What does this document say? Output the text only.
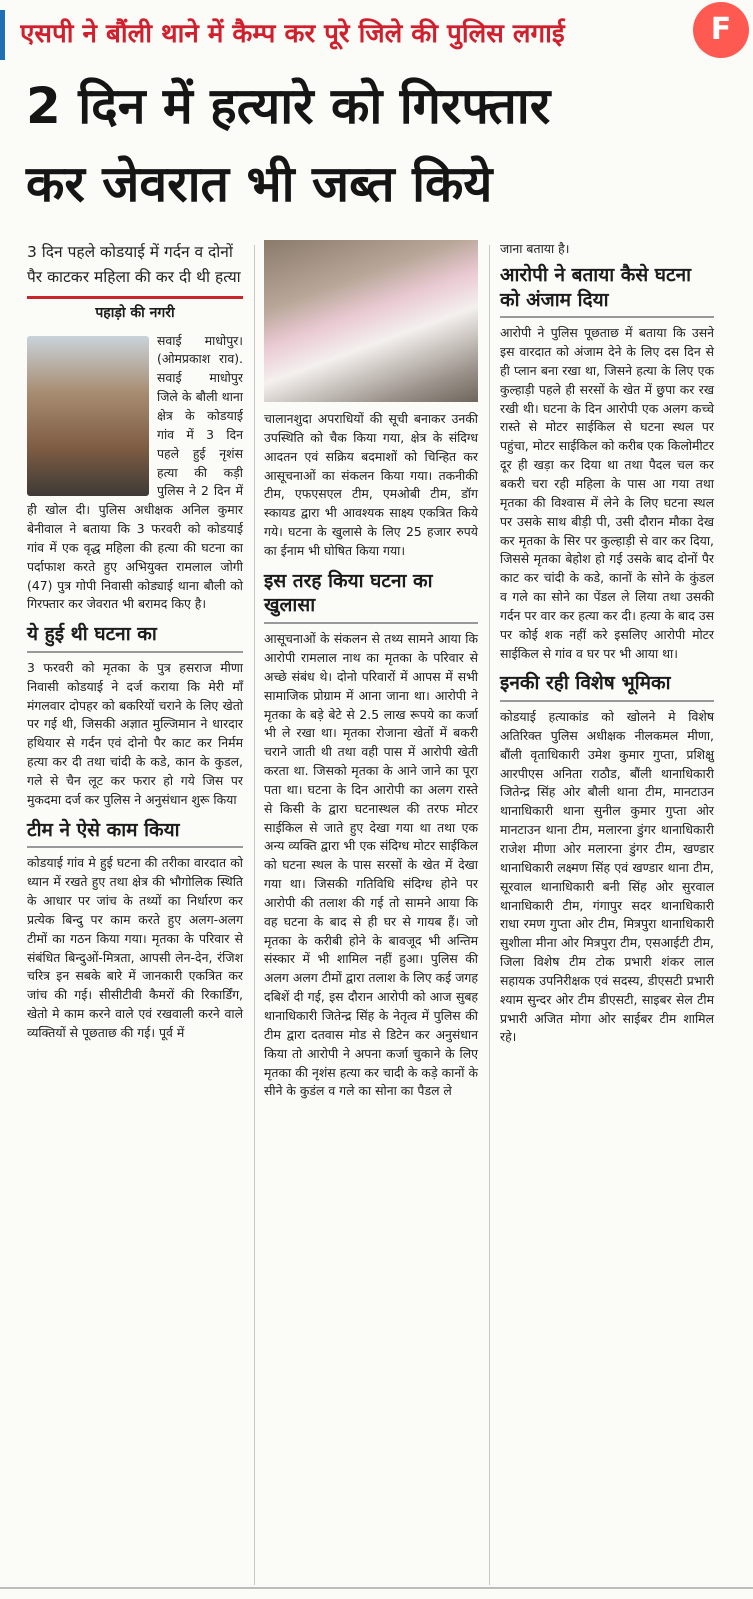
एसपी ने बौंली थाने में कैम्प कर पूरे जिले की पुलिस लगाई	F
2 दिन में हत्यारे को गिरफ्तार
कर जेवरात भी जब्त किये
3 दिन पहले कोडयाई में गर्दन व दोनों पैर काटकर महिला की कर दी थी हत्या
पहाड़ो की नगरी

सवाई माधोपुर। (ओमप्रकाश राव). सवाई माधोपुर जिले के बौली थाना क्षेत्र के कोडयाई गांव में 3 दिन पहले हुई नृशंस हत्या की कड़ी पुलिस ने 2 दिन में ही खोल दी। पुलिस अधीक्षक अनिल कुमार बेनीवाल ने बताया कि 3 फरवरी को कोडयाई गांव में एक वृद्ध महिला की हत्या की घटना का पर्दाफाश करते हुए अभियुक्त रामलाल जोगी (47) पुत्र गोपी निवासी कोड्याई थाना बौली को गिरफ्तार कर जेवरात भी बरामद किए है।

ये हुई थी घटना का

3 फरवरी को मृतका के पुत्र हसराज मीणा निवासी कोडयाई ने दर्ज कराया कि मेरी माँ मंगलवार दोपहर को बकरियों चराने के लिए खेतो पर गई थी, जिसकी अज्ञात मुल्जिमान ने धारदार हथियार से गर्दन एवं दोनो पैर काट कर निर्मम हत्या कर दी तथा चांदी के कडे, कान के कुडल, गले से चैन लूट कर फरार हो गये जिस पर मुकदमा दर्ज कर पुलिस ने अनुसंधान शुरू किया

टीम ने ऐसे काम किया

कोडयाई गांव मे हुई घटना की तरीका वारदात को ध्यान में रखते हुए तथा क्षेत्र की भौगोलिक स्थिति के आधार पर जांच के तथ्यों का निर्धारण कर प्रत्येक बिन्दु पर काम करते हुए अलग-अलग टीमों का गठन किया गया। मृतका के परिवार से संबंधित बिन्दुओं-मित्रता, आपसी लेन-देन, रंजिश चरित्र इन सबके बारे में जानकारी एकत्रित कर जांच की गई। सीसीटीवी कैमरों की रिकार्डिंग, खेतो मे काम करने वाले एवं रखवाली करने वाले व्यक्तियों से पूछताछ की गई। पूर्व में

चालानशुदा अपराधियों की सूची बनाकर उनकी उपस्थिति को चैक किया गया, क्षेत्र के संदिग्ध आदतन एवं सक्रिय बदमाशों को चिन्हित कर आसूचनाओं का संकलन किया गया। तकनीकी टीम, एफएसएल टीम, एमओबी टीम, डॉग स्कायड द्वारा भी आवश्यक साक्ष्य एकत्रित किये गये। घटना के खुलासे के लिए 25 हजार रुपये का ईनाम भी घोषित किया गया।

इस तरह किया घटना का खुलासा

आसूचनाओं के संकलन से तथ्य सामने आया कि आरोपी रामलाल नाथ का मृतका के परिवार से अच्छे संबंध थे। दोनो परिवारों में आपस में सभी सामाजिक प्रोग्राम में आना जाना था। आरोपी ने मृतका के बड़े बेटे से 2.5 लाख रूपये का कर्जा भी ले रखा था। मृतका रोजाना खेतों में बकरी चराने जाती थी तथा वही पास में आरोपी खेती करता था. जिसको मृतका के आने जाने का पूरा पता था। घटना के दिन आरोपी का अलग रास्ते से किसी के द्वारा घटनास्थल की तरफ मोटर साईकिल से जाते हुए देखा गया था तथा एक अन्य व्यक्ति द्वारा भी एक संदिग्ध मोटर साईकिल को घटना स्थल के पास सरसों के खेत में देखा गया था। जिसकी गतिविधि संदिग्ध होने पर आरोपी की तलाश की गई तो सामने आया कि वह घटना के बाद से ही घर से गायब हैं। जो मृतका के करीबी होने के बावजूद भी अन्तिम संस्कार में भी शामिल नहीं हुआ। पुलिस की अलग अलग टीमों द्वारा तलाश के लिए कई जगह दबिशें दी गई, इस दौरान आरोपी को आज सुबह थानाधिकारी जितेन्द्र सिंह के नेतृत्व में पुलिस की टीम द्वारा दतवास मोड से डिटेन कर अनुसंधान किया तो आरोपी ने अपना कर्जा चुकाने के लिए मृतका की नृशंस हत्या कर चादी के कड़े कानों के सीने के कुडंल व गले का सोना का पैडल ले

जाना बताया है।

आरोपी ने बताया कैसे घटना को अंजाम दिया

आरोपी ने पुलिस पूछताछ में बताया कि उसने इस वारदात को अंजाम देने के लिए दस दिन से ही प्लान बना रखा था, जिसने हत्या के लिए एक कुल्हाड़ी पहले ही सरसों के खेत में छुपा कर रख रखी थी। घटना के दिन आरोपी एक अलग कच्चे रास्ते से मोटर साईकिल से घटना स्थल पर पहुंचा, मोटर साईकिल को करीब एक किलोमीटर दूर ही खड़ा कर दिया था तथा पैदल चल कर बकरी चरा रही महिला के पास आ गया तथा मृतका की विश्वास में लेने के लिए घटना स्थल पर उसके साथ बीड़ी पी, उसी दौरान मौका देख कर मृतका के सिर पर कुल्हाड़ी से वार कर दिया, जिससे मृतका बेहोश हो गई उसके बाद दोनों पैर काट कर चांदी के कडे, कानों के सोने के कुंडल व गले का सोने का पेंडल ले लिया तथा उसकी गर्दन पर वार कर हत्या कर दी। हत्या के बाद उस पर कोई शक नहीं करे इसलिए आरोपी मोटर साईकिल से गांव व घर पर भी आया था।

इनकी रही विशेष भूमिका

कोडयाई हत्याकांड को खोलने मे विशेष अतिरिक्त पुलिस अधीक्षक नीलकमल मीणा, बौंली वृताधिकारी उमेश कुमार गुप्ता, प्रशिक्षु आरपीएस अनिता राठौड, बौंली थानाधिकारी जितेन्द्र सिंह ओर बौली थाना टीम, मानटाउन थानाधिकारी थाना सुनील कुमार गुप्ता ओर मानटाउन थाना टीम, मलारना डुंगर थानाधिकारी राजेश मीणा ओर मलारना डुंगर टीम, खण्डार थानाधिकारी लक्ष्मण सिंह एवं खण्डार थाना टीम, सूरवाल थानाधिकारी बनी सिंह ओर सुरवाल थानाधिकारी टीम, गंगापुर सदर थानाधिकारी राधा रमण गुप्ता ओर टीम, मित्रपुरा थानाधिकारी सुशीला मीना ओर मित्रपुरा टीम, एसआईटी टीम, जिला विशेष टीम टोक प्रभारी शंकर लाल सहायक उपनिरीक्षक एवं सदस्य, डीएसटी प्रभारी श्याम सुन्दर ओर टीम डीएसटी, साइबर सेल टीम प्रभारी अजित मोगा ओर साईबर टीम शामिल रहे।
